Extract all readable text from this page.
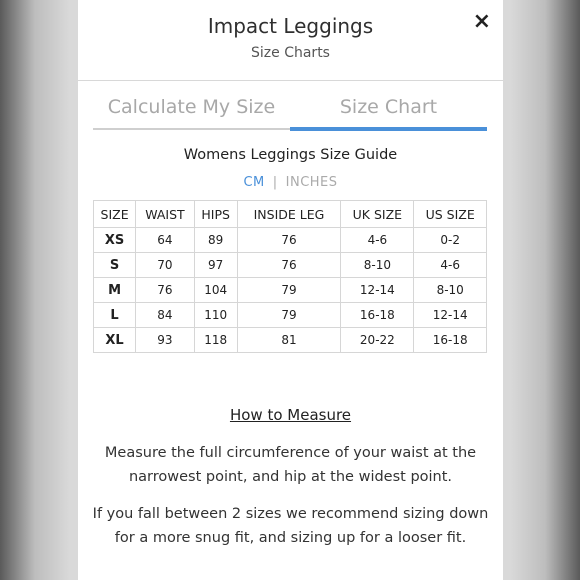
Impact Leggings
Size Charts
×
Calculate My Size	Size Chart
Womens Leggings Size Guide
CM | INCHES
SIZE	WAIST	HIPS	INSIDE LEG	UK SIZE	US SIZE
XS	64	89	76	4-6	0-2
S	70	97	76	8-10	4-6
M	76	104	79	12-14	8-10
L	84	110	79	16-18	12-14
XL	93	118	81	20-22	16-18
How to Measure
Measure the full circumference of your waist at the narrowest point, and hip at the widest point.
If you fall between 2 sizes we recommend sizing down for a more snug fit, and sizing up for a looser fit.
